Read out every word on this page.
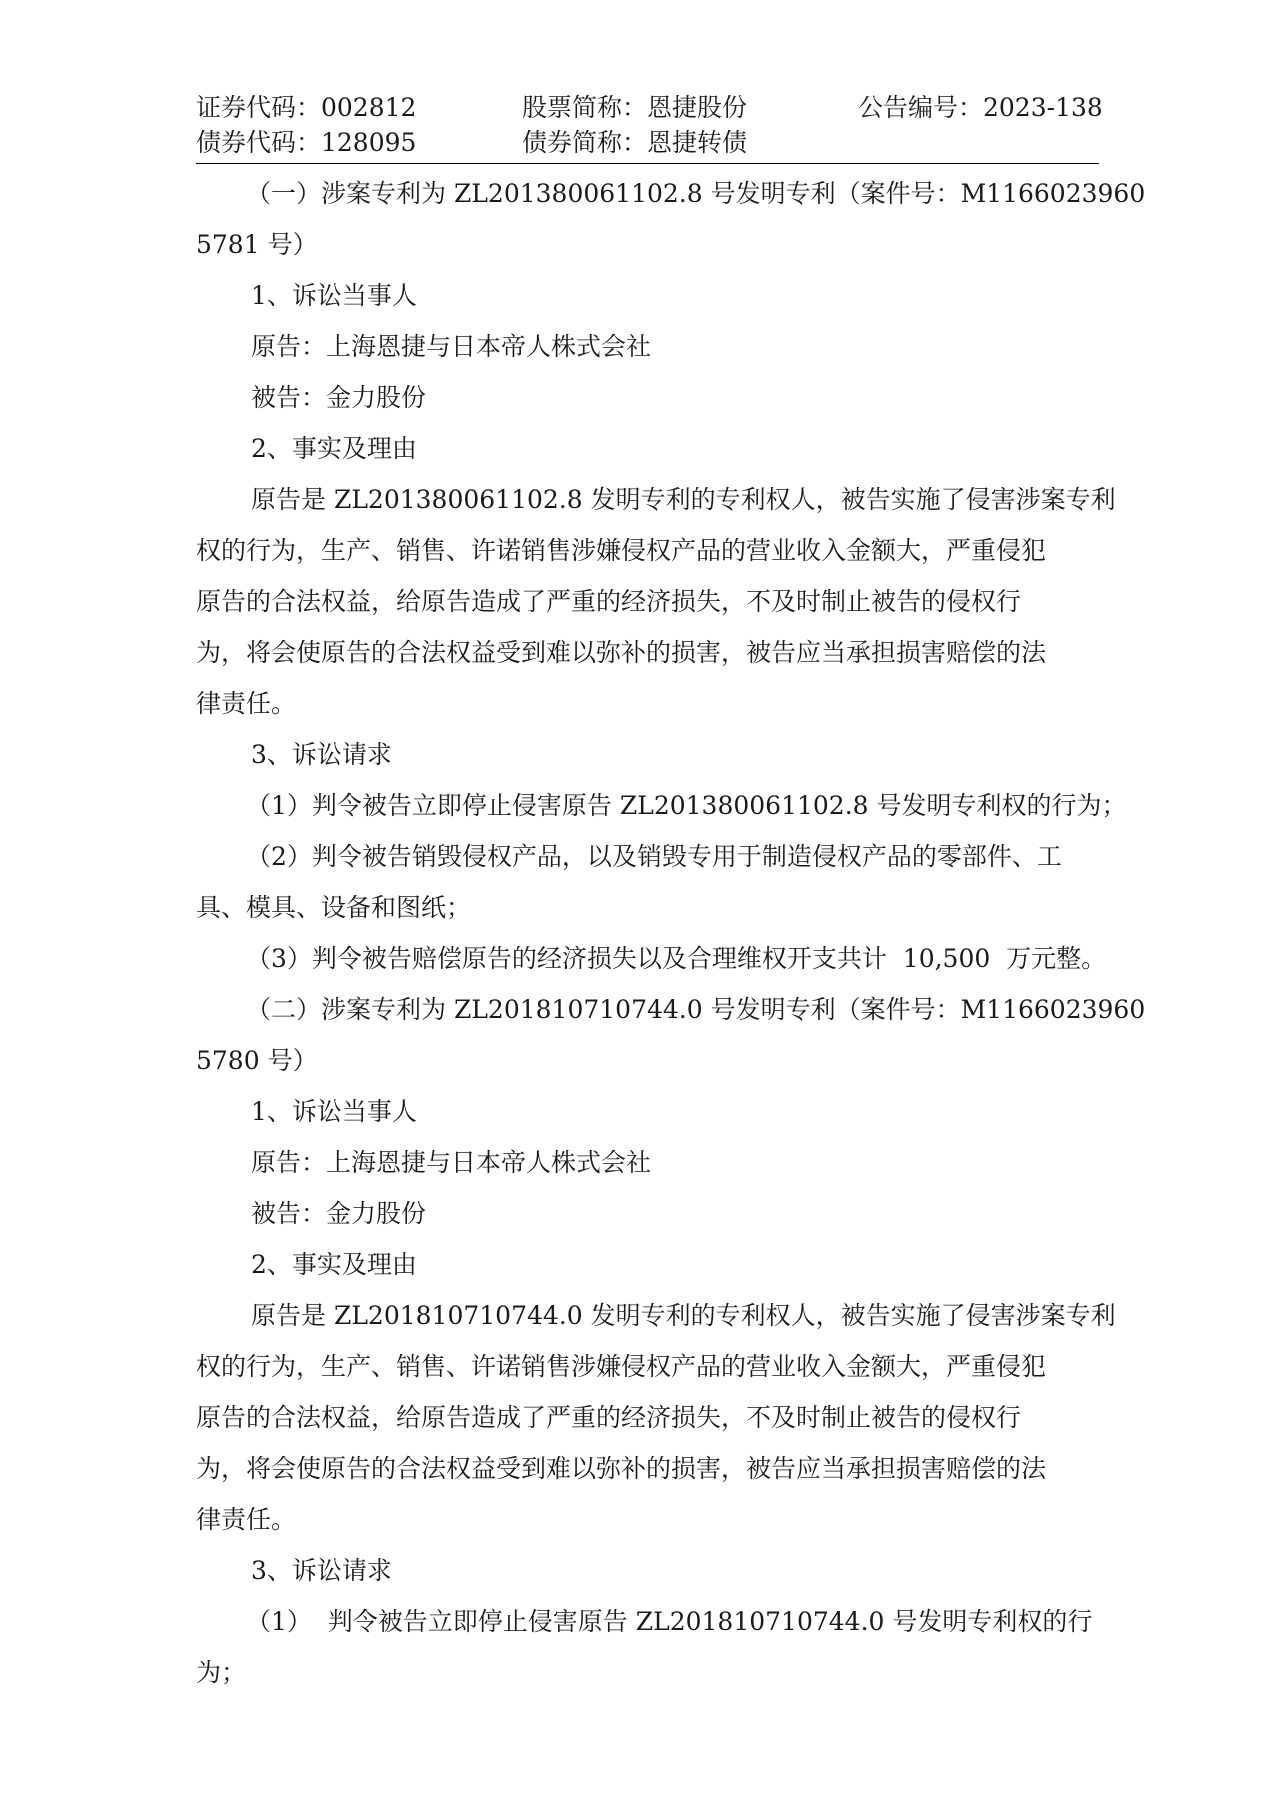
证券代码：002812	股票简称：恩捷股份	公告编号：2023-138
债券代码：128095	债券简称：恩捷转债

（一）涉案专利为 ZL201380061102.8 号发明专利（案件号：M1166023960

5781 号）

1、诉讼当事人

原告：上海恩捷与日本帝人株式会社

被告：金力股份

2、事实及理由

原告是 ZL201380061102.8 发明专利的专利权人，被告实施了侵害涉案专利

权的行为，生产、销售、许诺销售涉嫌侵权产品的营业收入金额大，严重侵犯

原告的合法权益，给原告造成了严重的经济损失，不及时制止被告的侵权行

为，将会使原告的合法权益受到难以弥补的损害，被告应当承担损害赔偿的法

律责任。

3、诉讼请求

（1）判令被告立即停止侵害原告 ZL201380061102.8 号发明专利权的行为；

（2）判令被告销毁侵权产品，以及销毁专用于制造侵权产品的零部件、工

具、模具、设备和图纸；

（3）判令被告赔偿原告的经济损失以及合理维权开支共计  10,500  万元整。

（二）涉案专利为 ZL201810710744.0 号发明专利（案件号：M1166023960

5780 号）

1、诉讼当事人

原告：上海恩捷与日本帝人株式会社

被告：金力股份

2、事实及理由

原告是 ZL201810710744.0 发明专利的专利权人，被告实施了侵害涉案专利

权的行为，生产、销售、许诺销售涉嫌侵权产品的营业收入金额大，严重侵犯

原告的合法权益，给原告造成了严重的经济损失，不及时制止被告的侵权行

为，将会使原告的合法权益受到难以弥补的损害，被告应当承担损害赔偿的法

律责任。

3、诉讼请求

（1）  判令被告立即停止侵害原告 ZL201810710744.0 号发明专利权的行

为；
